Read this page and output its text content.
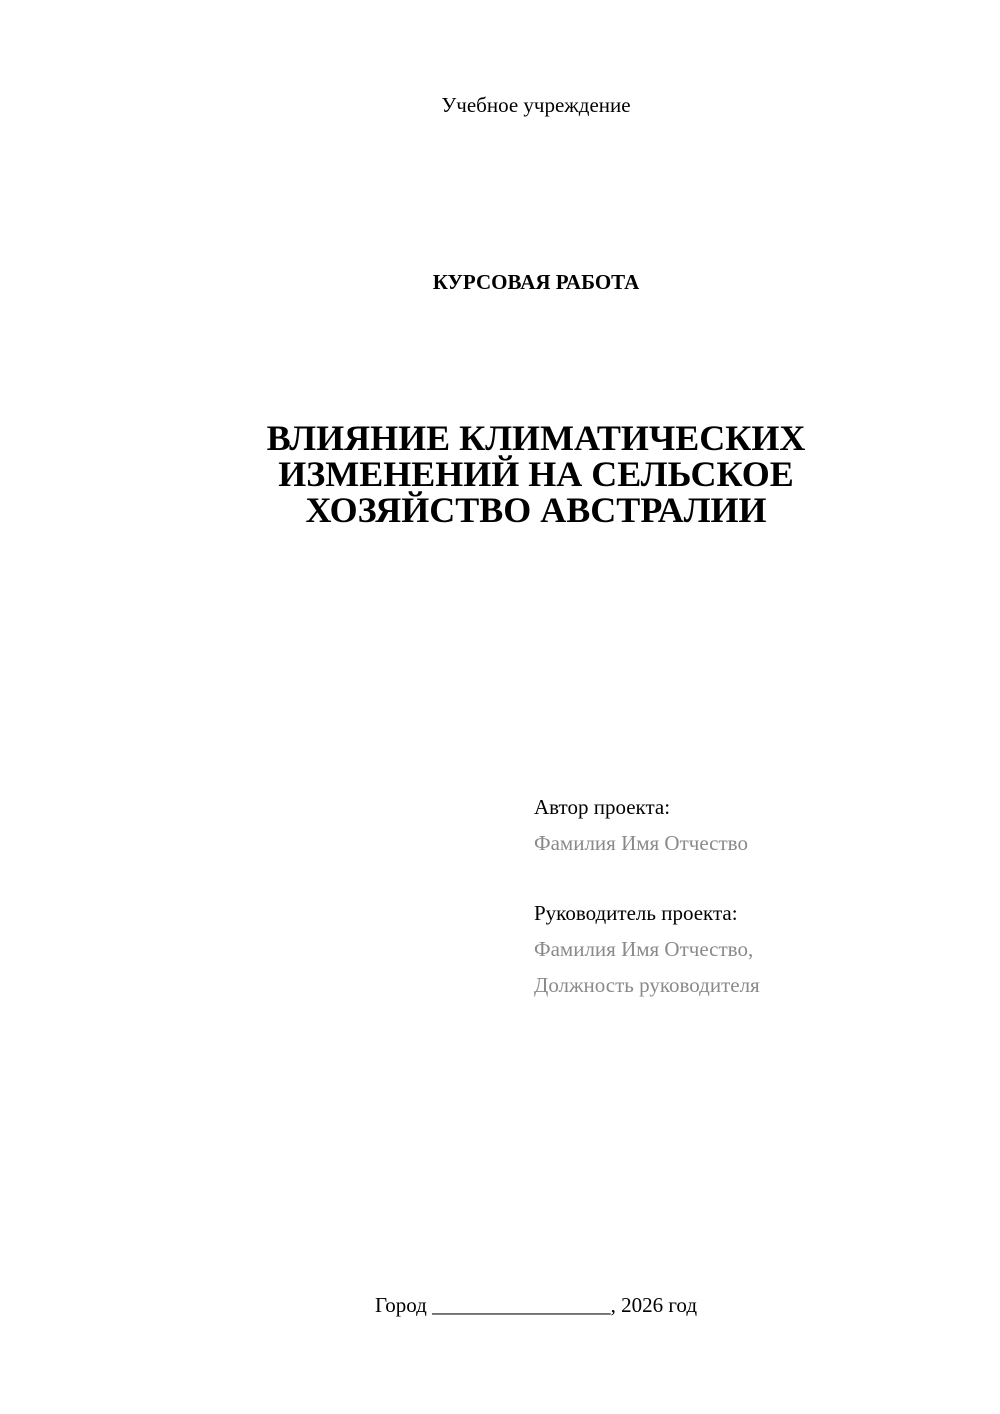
Учебное учреждение
КУРСОВАЯ РАБОТА
ВЛИЯНИЕ КЛИМАТИЧЕСКИХ
ИЗМЕНЕНИЙ НА СЕЛЬСКОЕ
ХОЗЯЙСТВО АВСТРАЛИИ
Автор проекта:
Фамилия Имя Отчество
Руководитель проекта:
Фамилия Имя Отчество,
Должность руководителя
Город _________________, 2026 год
